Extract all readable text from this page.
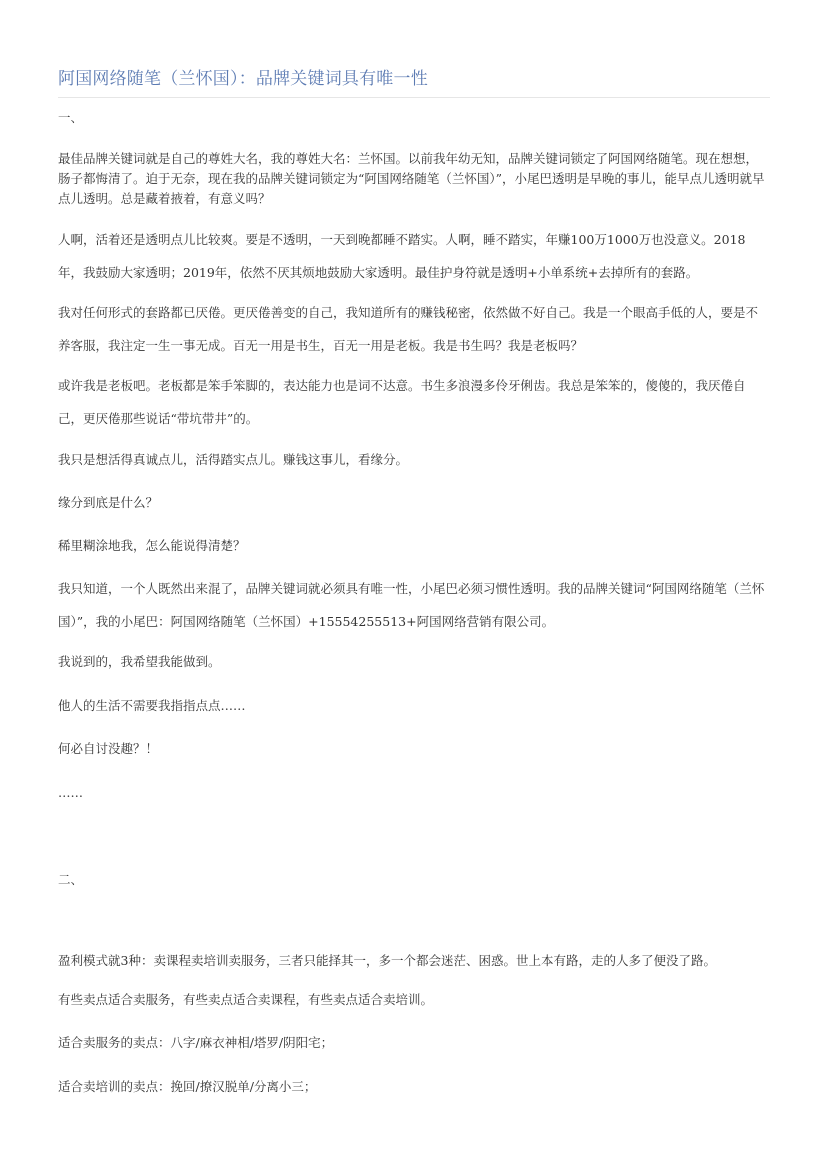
阿国网络随笔（兰怀国）：品牌关键词具有唯一性
一、

最佳品牌关键词就是自己的尊姓大名，我的尊姓大名：兰怀国。以前我年幼无知，品牌关键词锁定了阿国网络随笔。现在想想，肠子都悔清了。迫于无奈，现在我的品牌关键词锁定为“阿国网络随笔（兰怀国）”，小尾巴透明是早晚的事儿，能早点儿透明就早点儿透明。总是藏着掖着，有意义吗？

人啊，活着还是透明点儿比较爽。要是不透明，一天到晚都睡不踏实。人啊，睡不踏实，年赚100万1000万也没意义。2018年，我鼓励大家透明；2019年，依然不厌其烦地鼓励大家透明。最佳护身符就是透明+小单系统+去掉所有的套路。

我对任何形式的套路都已厌倦。更厌倦善变的自己，我知道所有的赚钱秘密，依然做不好自己。我是一个眼高手低的人，要是不养客服，我注定一生一事无成。百无一用是书生，百无一用是老板。我是书生吗？我是老板吗？

或许我是老板吧。老板都是笨手笨脚的，表达能力也是词不达意。书生多浪漫多伶牙俐齿。我总是笨笨的，傻傻的，我厌倦自己，更厌倦那些说话“带坑带井”的。

我只是想活得真诚点儿，活得踏实点儿。赚钱这事儿，看缘分。

缘分到底是什么？

稀里糊涂地我，怎么能说得清楚？

我只知道，一个人既然出来混了，品牌关键词就必须具有唯一性，小尾巴必须习惯性透明。我的品牌关键词“阿国网络随笔（兰怀国）”，我的小尾巴：阿国网络随笔（兰怀国）+15554255513+阿国网络营销有限公司。

我说到的，我希望我能做到。

他人的生活不需要我指指点点……

何必自讨没趣？！

……

二、

盈利模式就3种：卖课程卖培训卖服务，三者只能择其一，多一个都会迷茫、困惑。世上本有路，走的人多了便没了路。

有些卖点适合卖服务，有些卖点适合卖课程，有些卖点适合卖培训。

适合卖服务的卖点：八字/麻衣神相/塔罗/阴阳宅；

适合卖培训的卖点：挽回/撩汉脱单/分离小三；
